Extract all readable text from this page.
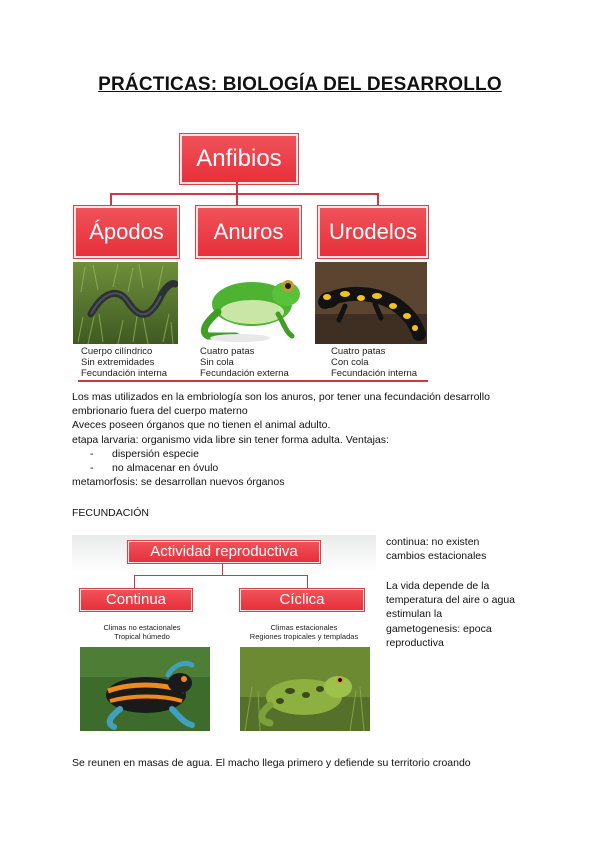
PRÁCTICAS: BIOLOGÍA DEL DESARROLLO
Anfibios
Ápodos	Anuros	Urodelos
Cuerpo cilíndrico
Sin extremidades
Fecundación interna
Cuatro patas
Sin cola
Fecundación externa
Cuatro patas
Con cola
Fecundación interna
Los mas utilizados en la embriología son los anuros, por tener una fecundación desarrollo
embrionario fuera del cuerpo materno
Aveces poseen órganos que no tienen el animal adulto.
etapa larvaria: organismo vida libre sin tener forma adulta. Ventajas:
- dispersión especie
- no almacenar en óvulo
metamorfosis: se desarrollan nuevos órganos
FECUNDACIÓN
Actividad reproductiva
Continua	Cíclica
Climas no estacionales
Tropical húmedo
Climas estacionales
Regiones tropicales y templadas
continua: no existen
cambios estacionales
La vida depende de la
temperatura del aire o agua
estimulan la
gametogenesis: epoca
reproductiva
Se reunen en masas de agua. El macho llega primero y defiende su territorio croando
